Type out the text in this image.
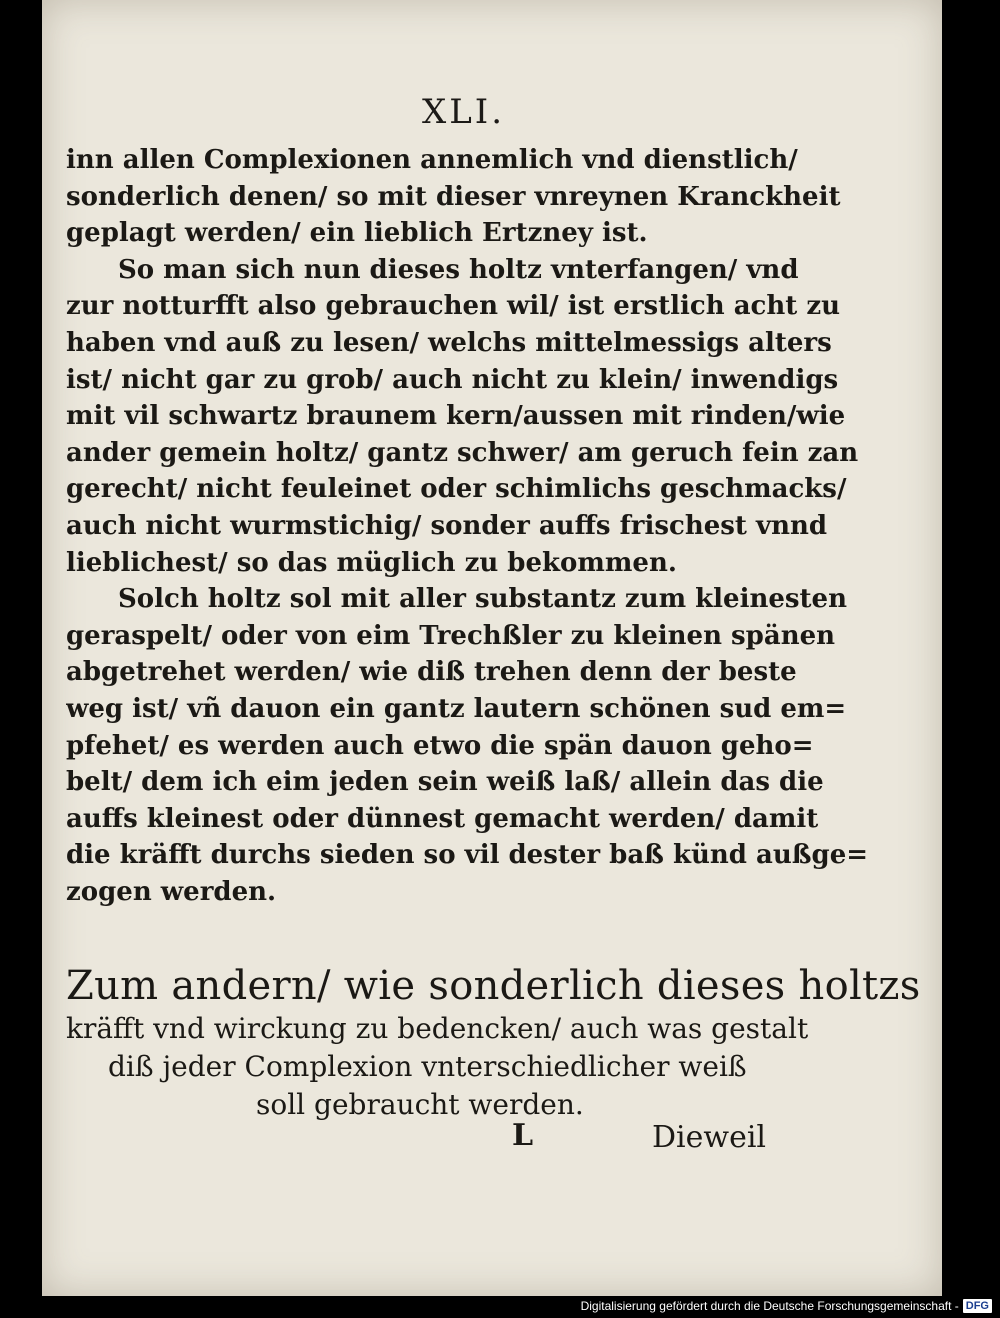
XLI.
inn allen Complexionen annemlich vnd dienstlich/
sonderlich denen/ so mit dieser vnreynen Kranckheit
geplagt werden/ ein lieblich Ertzney ist.
So man sich nun dieses holtz vnterfangen/ vnd
zur notturfft also gebrauchen wil/ ist erstlich acht zu
haben vnd auß zu lesen/ welchs mittelmessigs alters
ist/ nicht gar zu grob/ auch nicht zu klein/ inwendigs
mit vil schwartz braunem kern/aussen mit rinden/wie
ander gemein holtz/ gantz schwer/ am geruch fein zan
gerecht/ nicht feuleinet oder schimlichs geschmacks/
auch nicht wurmstichig/ sonder auffs frischest vnnd
lieblichest/ so das müglich zu bekommen.
Solch holtz sol mit aller substantz zum kleinesten
geraspelt/ oder von eim Trechßler zu kleinen spänen
abgetrehet werden/ wie diß trehen denn der beste
weg ist/ vñ dauon ein gantz lautern schönen sud em=
pfehet/ es werden auch etwo die spän dauon geho=
belt/ dem ich eim jeden sein weiß laß/ allein das die
auffs kleinest oder dünnest gemacht werden/ damit
die kräfft durchs sieden so vil dester baß künd außge=
zogen werden.
Zum andern/ wie sonderlich dieses holtzs
kräfft vnd wirckung zu bedencken/ auch was gestalt
diß jeder Complexion vnterschiedlicher weiß
soll gebraucht werden.
L	Dieweil
Digitalisierung gefördert durch die Deutsche Forschungsgemeinschaft - DFG
